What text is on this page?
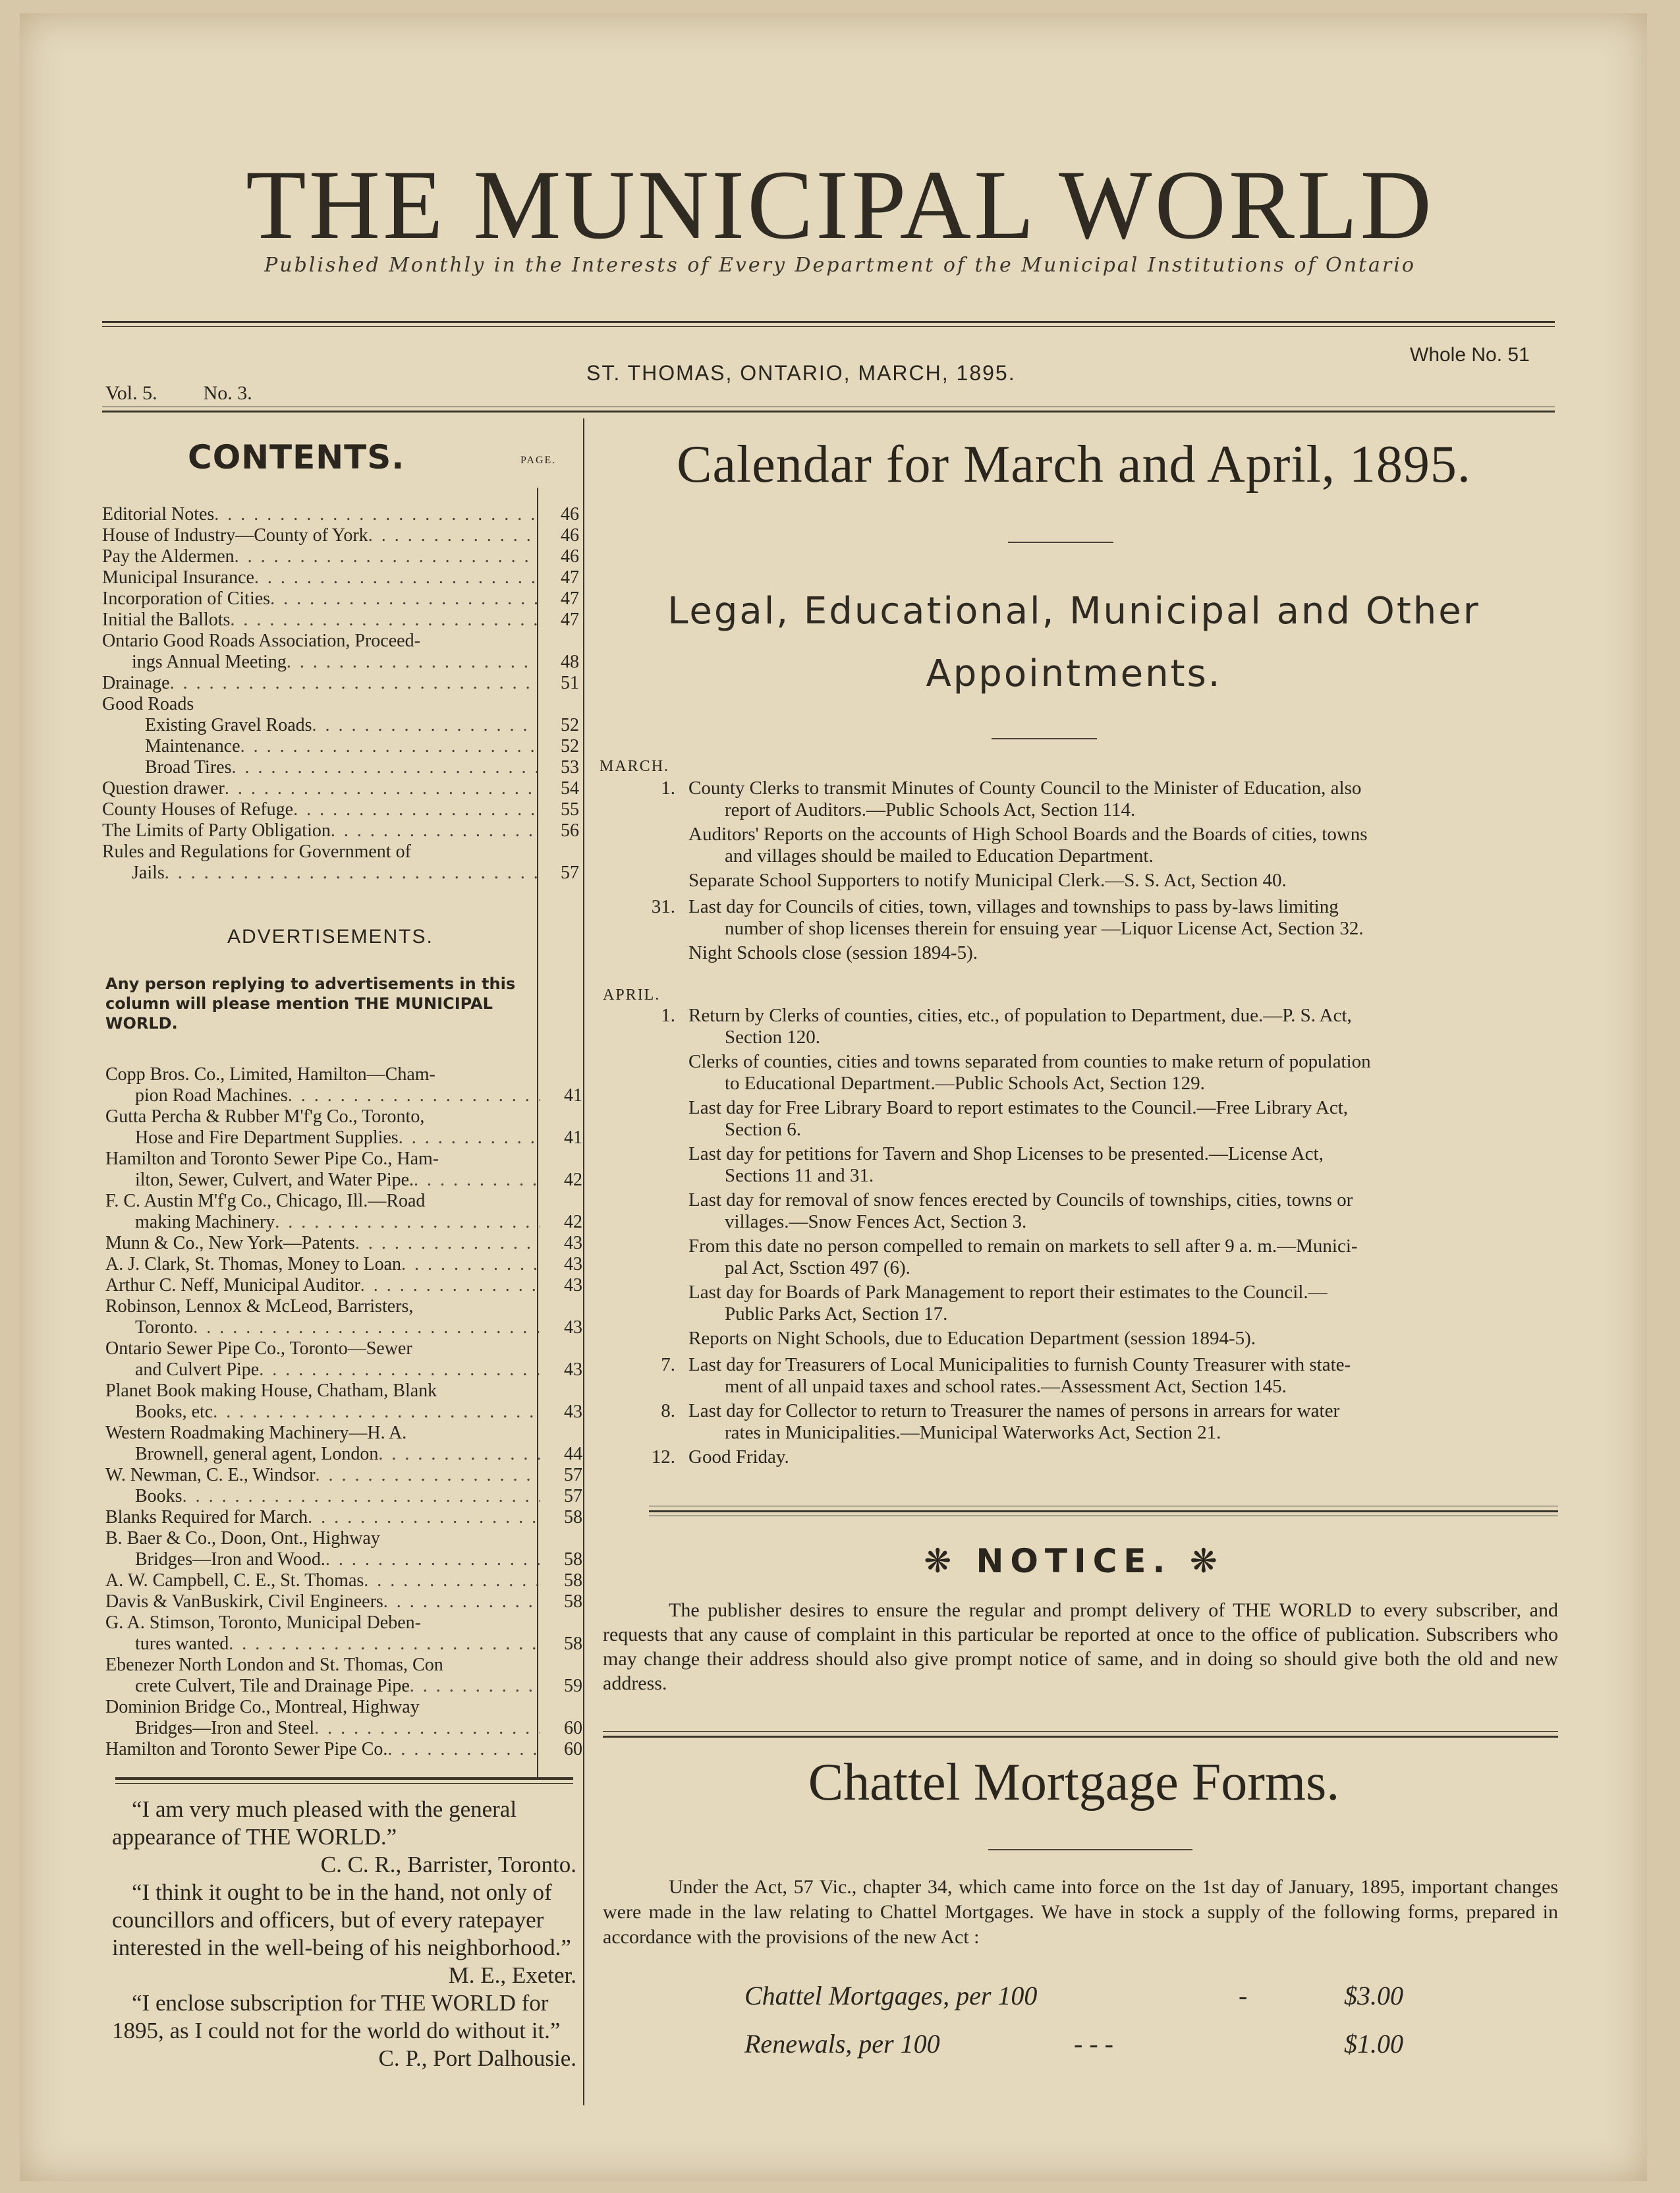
THE MUNICIPAL WORLD
Published Monthly in the Interests of Every Department of the Municipal Institutions of Ontario
Vol. 5. No. 3.
ST. THOMAS, ONTARIO, MARCH, 1895.
Whole No. 51
CONTENTS.	PAGE.
Editorial Notes . . .	46
House of Industry—County of York . . .	46
Pay the Aldermen . . .	46
Municipal Insurance . . .	47
Incorporation of Cities . . .	47
Initial the Ballots . . .	47
Ontario Good Roads Association, Proceed-
ings Annual Meeting . . .	48
Drainage . . .	51
Good Roads
Existing Gravel Roads . . .	52
Maintenance . . .	52
Broad Tires . . .	53
Question drawer . . .	54
County Houses of Refuge . . .	55
The Limits of Party Obligation . . .	56
Rules and Regulations for Government of
Jails . . .	57
ADVERTISEMENTS.
Any person replying to advertisements in this column will please mention THE MUNICIPAL WORLD.
Copp Bros. Co., Limited, Hamilton—Cham-
pion Road Machines . . .	41
Gutta Percha & Rubber M'f'g Co., Toronto,
Hose and Fire Department Supplies . . .	41
Hamilton and Toronto Sewer Pipe Co., Ham-
ilton, Sewer, Culvert, and Water Pipe. . . .	42
F. C. Austin M'f'g Co., Chicago, Ill.—Road
making Machinery . . .	42
Munn & Co., New York—Patents . . .	43
A. J. Clark, St. Thomas, Money to Loan . . .	43
Arthur C. Neff, Municipal Auditor . . .	43
Robinson, Lennox & McLeod, Barristers,
Toronto . . .	43
Ontario Sewer Pipe Co., Toronto—Sewer
and Culvert Pipe . . .	43
Planet Book making House, Chatham, Blank
Books, etc . . .	43
Western Roadmaking Machinery—H. A.
Brownell, general agent, London . . .	44
W. Newman, C. E., Windsor . . .	57
Books . . .	57
Blanks Required for March . . .	58
B. Baer & Co., Doon, Ont., Highway
Bridges—Iron and Wood. . . .	58
A. W. Campbell, C. E., St. Thomas . . .	58
Davis & VanBuskirk, Civil Engineers . . .	58
G. A. Stimson, Toronto, Municipal Deben-
tures wanted . . .	58
Ebenezer North London and St. Thomas, Con
crete Culvert, Tile and Drainage Pipe . . .	59
Dominion Bridge Co., Montreal, Highway
Bridges—Iron and Steel . . .	60
Hamilton and Toronto Sewer Pipe Co. . . .	60

“I am very much pleased with the general appearance of THE WORLD.”

C. C. R., Barrister, Toronto.

“I think it ought to be in the hand, not only of councillors and officers, but of every ratepayer interested in the well-being of his neighborhood.”

M. E., Exeter.

“I enclose subscription for THE WORLD for 1895, as I could not for the world do without it.”

C. P., Port Dalhousie.

Calendar for March and April, 1895.
Legal, Educational, Municipal and Other
Appointments.
MARCH.
1. County Clerks to transmit Minutes of County Council to the Minister of Education, also
report of Auditors.—Public Schools Act, Section 114.
Auditors' Reports on the accounts of High School Boards and the Boards of cities, towns
and villages should be mailed to Education Department.
Separate School Supporters to notify Municipal Clerk.—S. S. Act, Section 40.
31. Last day for Councils of cities, town, villages and townships to pass by-laws limiting
number of shop licenses therein for ensuing year —Liquor License Act, Section 32.
Night Schools close (session 1894-5).
APRIL.
1. Return by Clerks of counties, cities, etc., of population to Department, due.—P. S. Act,
Section 120.
Clerks of counties, cities and towns separated from counties to make return of population
to Educational Department.—Public Schools Act, Section 129.
Last day for Free Library Board to report estimates to the Council.—Free Library Act,
Section 6.
Last day for petitions for Tavern and Shop Licenses to be presented.—License Act,
Sections 11 and 31.
Last day for removal of snow fences erected by Councils of townships, cities, towns or
villages.—Snow Fences Act, Section 3.
From this date no person compelled to remain on markets to sell after 9 a. m.—Munici-
pal Act, Ssction 497 (6).
Last day for Boards of Park Management to report their estimates to the Council.—
Public Parks Act, Section 17.
Reports on Night Schools, due to Education Department (session 1894-5).
7. Last day for Treasurers of Local Municipalities to furnish County Treasurer with state-
ment of all unpaid taxes and school rates.—Assessment Act, Section 145.
8. Last day for Collector to return to Treasurer the names of persons in arrears for water
rates in Municipalities.—Municipal Waterworks Act, Section 21.
12. Good Friday.
❋ NOTICE. ❋
The publisher desires to ensure the regular and prompt delivery of THE WORLD to every subscriber, and requests that any cause of complaint in this particular be reported at once to the office of publication. Subscribers who may change their address should also give prompt notice of same, and in doing so should give both the old and new address.
Chattel Mortgage Forms.
Under the Act, 57 Vic., chapter 34, which came into force on the 1st day of January, 1895, important changes were made in the law relating to Chattel Mortgages. We have in stock a supply of the following forms, prepared in accordance with the provisions of the new Act :
Chattel Mortgages, per 100	-	$3.00
Renewals, per 100	- - -	$1.00
